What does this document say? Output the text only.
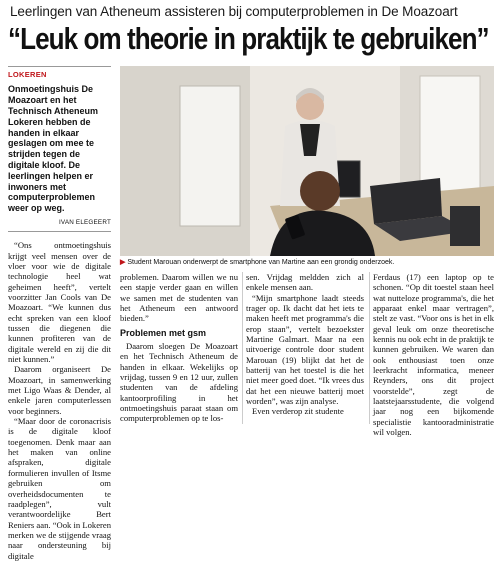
Leerlingen van Atheneum assisteren bij computerproblemen in De Moazoart
“Leuk om theorie in praktijk te gebruiken”
LOKEREN
Onmoetingshuis De Moazoart en het Technisch Atheneum Lokeren hebben de handen in elkaar geslagen om mee te strijden tegen de digitale kloof. De leerlingen helpen er inwoners met computerproblemen weer op weg.
IVAN ELEGEERT

“Ons ontmoetingshuis krijgt veel mensen over de vloer voor wie de digitale technologie heel wat geheimen heeft”, vertelt voorzitter Jan Cools van De Moazoart. “We kunnen dus echt spreken van een kloof tussen die diegenen die kunnen profiteren van de digitale wereld en zij die dit niet kunnen.”

Daarom organiseert De Moazoart, in samenwerking met Ligo Waas & Dender, al enkele jaren computerlessen voor beginners.

“Maar door de coronacrisis is de digitale kloof toegenomen. Denk maar aan het maken van online afspraken, digitale formulieren invullen of Itsme gebruiken om overheidsdocumenten te raadplegen”, vult verantwoordelijke Bert Reniers aan. “Ook in Lokeren merken we de stijgende vraag naar ondersteuning bij digitale

▶ Student Marouan onderwerpt de smartphone van Martine aan een grondig onderzoek.

problemen. Daarom willen we nu een stapje verder gaan en willen we samen met de studenten van het Atheneum een antwoord bieden.”

Problemen met gsm

Daarom sloegen De Moazoart en het Technisch Atheneum de handen in elkaar. Wekelijks op vrijdag, tussen 9 en 12 uur, zullen studenten van de afdeling kantoorprofiling in het ontmoetingshuis paraat staan om computerproblemen op te los-

sen. Vrijdag meldden zich al enkele mensen aan.

“Mijn smartphone laadt steeds trager op. Ik dacht dat het iets te maken heeft met programma's die erop staan”, vertelt bezoekster Martine Galmart. Maar na een uitvoerige controle door student Marouan (19) blijkt dat het de batterij van het toestel is die het niet meer goed doet. “Ik vrees dus dat het een nieuwe batterij moet worden”, was zijn analyse.

Even verderop zit studente

Ferdaus (17) een laptop op te schonen. “Op dit toestel staan heel wat nutteloze programma's, die het apparaat enkel maar vertragen”, stelt ze vast. “Voor ons is het in elk geval leuk om onze theoretische kennis nu ook echt in de praktijk te kunnen gebruiken. We waren dan ook enthousiast toen onze leerkracht informatica, meneer Reynders, ons dit project voorstelde”, zegt de laatstejaarsstudente, die volgend jaar nog een bijkomende specialistie kantooradministratie wil volgen.
